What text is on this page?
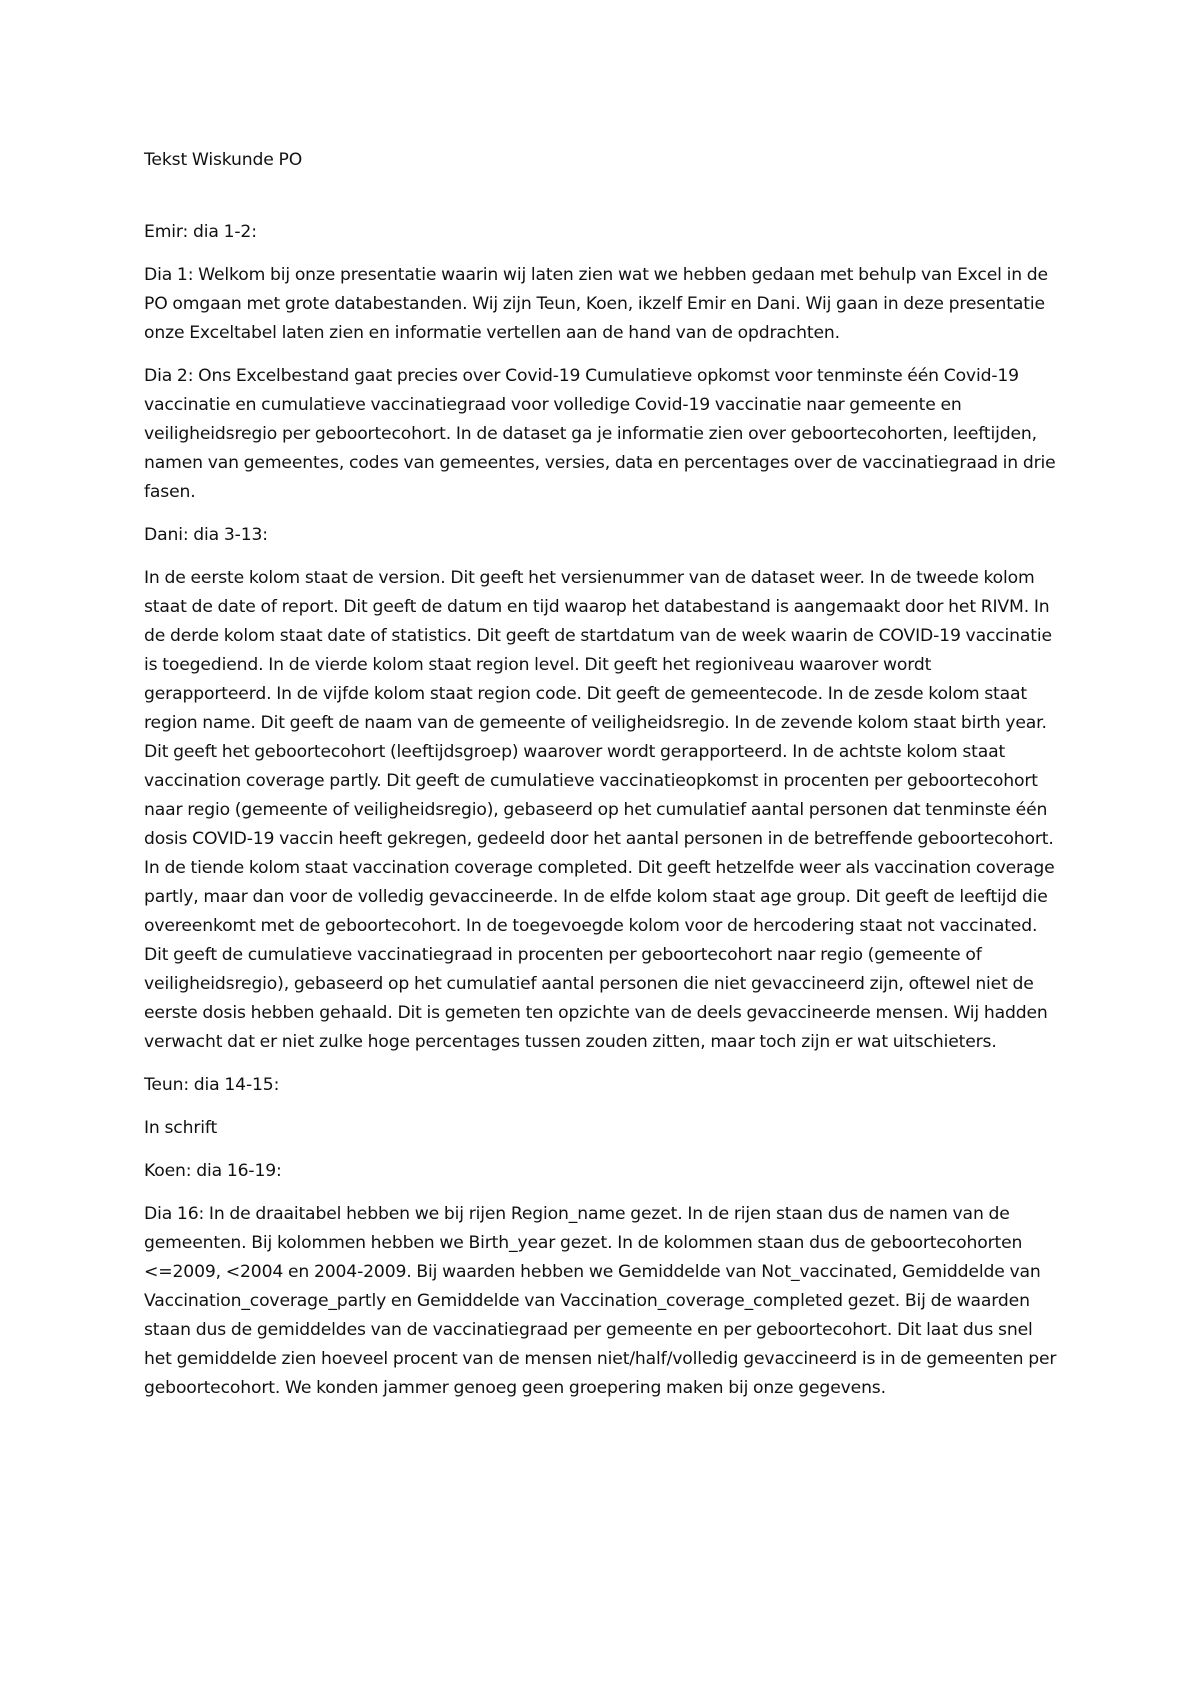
Tekst Wiskunde PO

Emir: dia 1-2:

Dia 1: Welkom bij onze presentatie waarin wij laten zien wat we hebben gedaan met behulp van Excel in de PO omgaan met grote databestanden. Wij zijn Teun, Koen, ikzelf Emir en Dani. Wij gaan in deze presentatie onze Exceltabel laten zien en informatie vertellen aan de hand van de opdrachten.

Dia 2: Ons Excelbestand gaat precies over Covid-19 Cumulatieve opkomst voor tenminste één Covid-19 vaccinatie en cumulatieve vaccinatiegraad voor volledige Covid-19 vaccinatie naar gemeente en veiligheidsregio per geboortecohort. In de dataset ga je informatie zien over geboortecohorten, leeftijden, namen van gemeentes, codes van gemeentes, versies, data en percentages over de vaccinatiegraad in drie fasen.

Dani: dia 3-13:

In de eerste kolom staat de version. Dit geeft het versienummer van de dataset weer. In de tweede kolom staat de date of report. Dit geeft de datum en tijd waarop het databestand is aangemaakt door het RIVM. In de derde kolom staat date of statistics. Dit geeft de startdatum van de week waarin de COVID-19 vaccinatie is toegediend. In de vierde kolom staat region level. Dit geeft het regioniveau waarover wordt gerapporteerd. In de vijfde kolom staat region code. Dit geeft de gemeentecode. In de zesde kolom staat region name. Dit geeft de naam van de gemeente of veiligheidsregio. In de zevende kolom staat birth year. Dit geeft het geboortecohort (leeftijdsgroep) waarover wordt gerapporteerd. In de achtste kolom staat vaccination coverage partly. Dit geeft de cumulatieve vaccinatieopkomst in procenten per geboortecohort naar regio (gemeente of veiligheidsregio), gebaseerd op het cumulatief aantal personen dat tenminste één dosis COVID-19 vaccin heeft gekregen, gedeeld door het aantal personen in de betreffende geboortecohort. In de tiende kolom staat vaccination coverage completed. Dit geeft hetzelfde weer als vaccination coverage partly, maar dan voor de volledig gevaccineerde. In de elfde kolom staat age group. Dit geeft de leeftijd die overeenkomt met de geboortecohort. In de toegevoegde kolom voor de hercodering staat not vaccinated. Dit geeft de cumulatieve vaccinatiegraad in procenten per geboortecohort naar regio (gemeente of veiligheidsregio), gebaseerd op het cumulatief aantal personen die niet gevaccineerd zijn, oftewel niet de eerste dosis hebben gehaald. Dit is gemeten ten opzichte van de deels gevaccineerde mensen. Wij hadden verwacht dat er niet zulke hoge percentages tussen zouden zitten, maar toch zijn er wat uitschieters.

Teun: dia 14-15:

In schrift

Koen: dia 16-19:

Dia 16: In de draaitabel hebben we bij rijen Region_name gezet. In de rijen staan dus de namen van de gemeenten. Bij kolommen hebben we Birth_year gezet. In de kolommen staan dus de geboortecohorten <=2009, <2004 en 2004-2009. Bij waarden hebben we Gemiddelde van Not_vaccinated, Gemiddelde van Vaccination_coverage_partly en Gemiddelde van Vaccination_coverage_completed gezet. Bij de waarden staan dus de gemiddeldes van de vaccinatiegraad per gemeente en per geboortecohort. Dit laat dus snel het gemiddelde zien hoeveel procent van de mensen niet/half/volledig gevaccineerd is in de gemeenten per geboortecohort. We konden jammer genoeg geen groepering maken bij onze gegevens.
